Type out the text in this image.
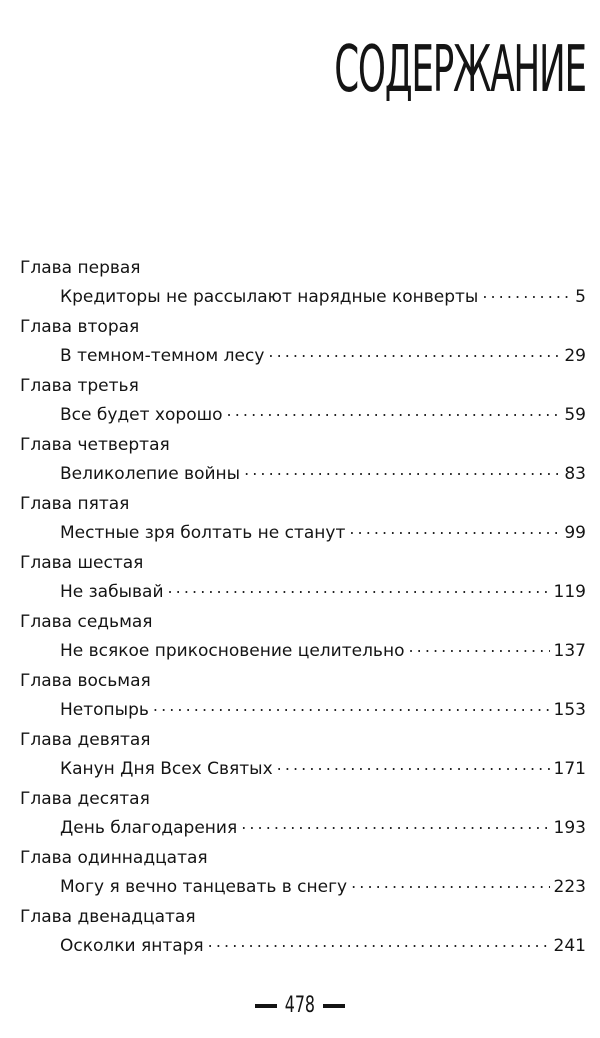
СОДЕРЖАНИЕ
Глава первая
Кредиторы не рассылают нарядные конверты . . .	5
Глава вторая
В темном-темном лесу . . .	29
Глава третья
Все будет хорошо . . .	59
Глава четвертая
Великолепие войны . . .	83
Глава пятая
Местные зря болтать не станут . . .	99
Глава шестая
Не забывай . . .	119
Глава седьмая
Не всякое прикосновение целительно . . .	137
Глава восьмая
Нетопырь . . .	153
Глава девятая
Канун Дня Всех Святых . . .	171
Глава десятая
День благодарения . . .	193
Глава одиннадцатая
Могу я вечно танцевать в снегу . . .	223
Глава двенадцатая
Осколки янтаря . . .	241
478
